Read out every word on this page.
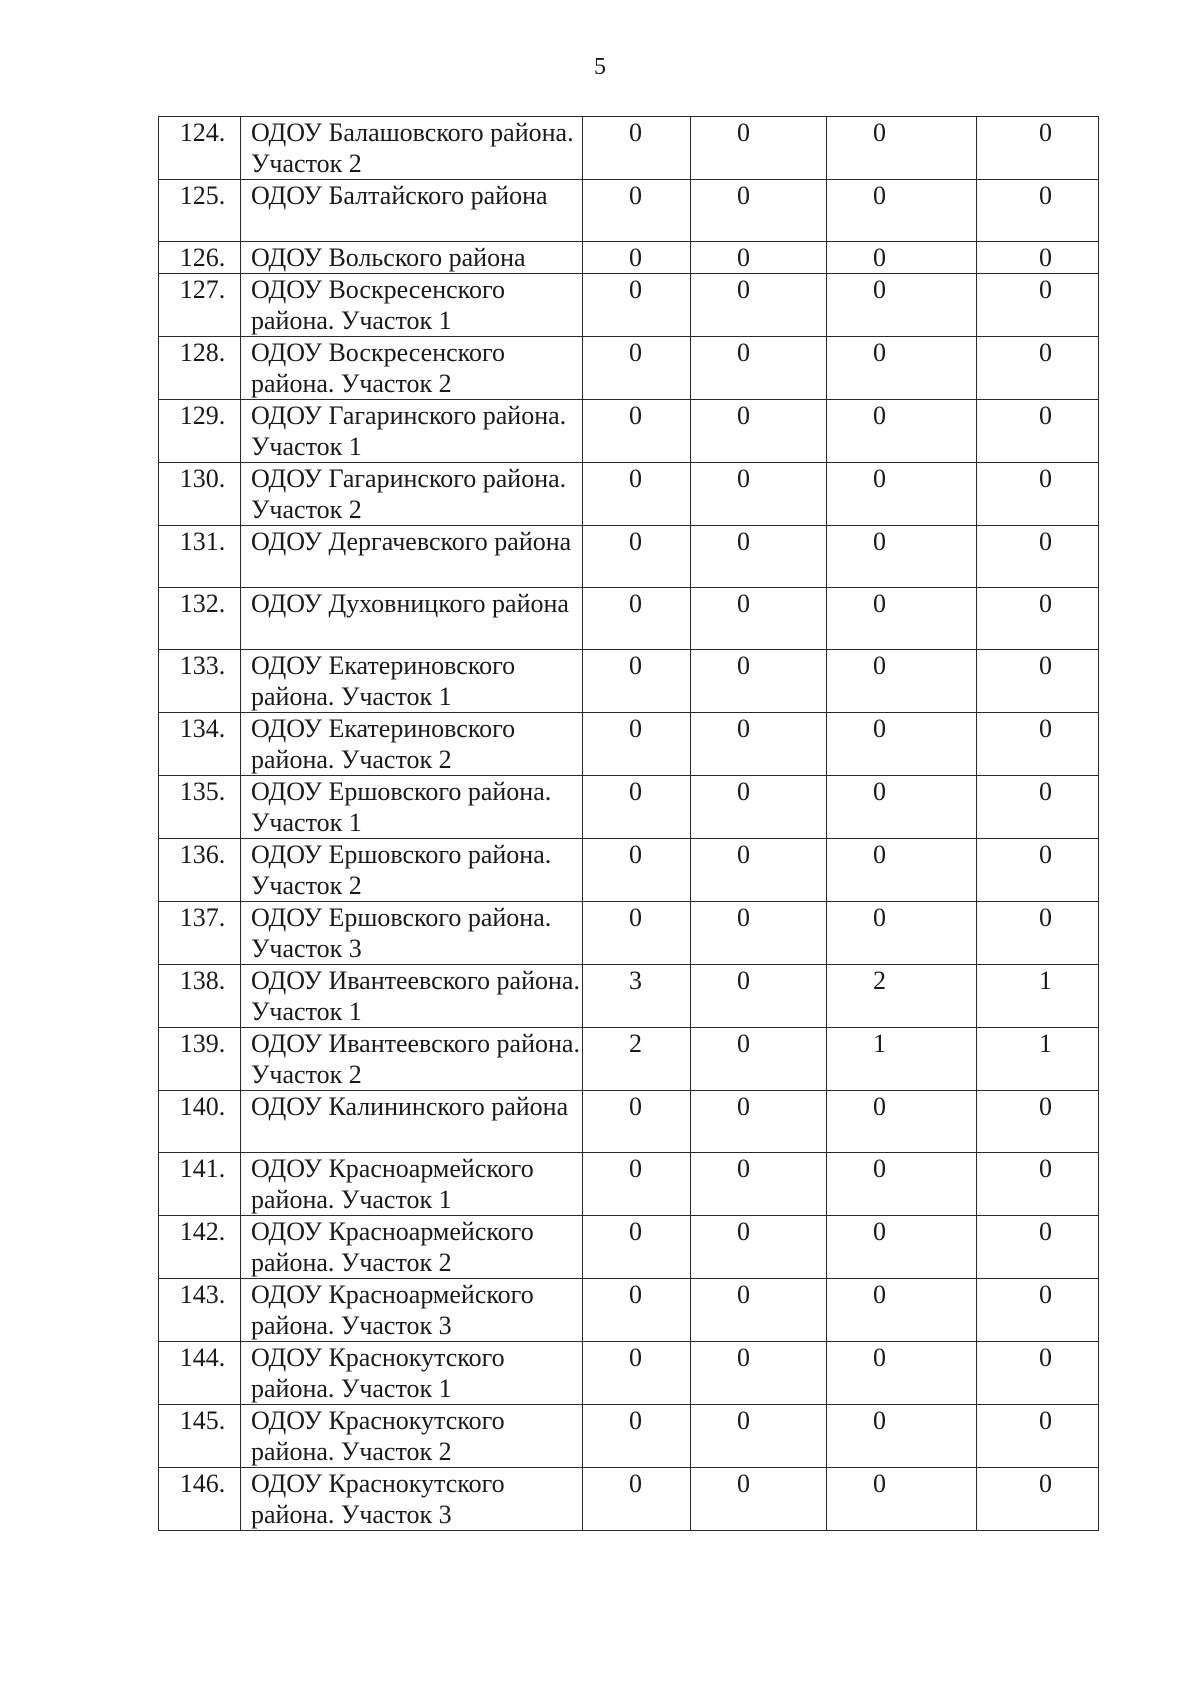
5
124.	ОДОУ Балашовского района. Участок 2	0	0	0	0
125.	ОДОУ Балтайского района	0	0	0	0
126.	ОДОУ Вольского района	0	0	0	0
127.	ОДОУ Воскресенского района. Участок 1	0	0	0	0
128.	ОДОУ Воскресенского района. Участок 2	0	0	0	0
129.	ОДОУ Гагаринского района. Участок 1	0	0	0	0
130.	ОДОУ Гагаринского района. Участок 2	0	0	0	0
131.	ОДОУ Дергачевского района	0	0	0	0
132.	ОДОУ Духовницкого района	0	0	0	0
133.	ОДОУ Екатериновского района. Участок 1	0	0	0	0
134.	ОДОУ Екатериновского района. Участок 2	0	0	0	0
135.	ОДОУ Ершовского района. Участок 1	0	0	0	0
136.	ОДОУ Ершовского района. Участок 2	0	0	0	0
137.	ОДОУ Ершовского района. Участок 3	0	0	0	0
138.	ОДОУ Ивантеевского района. Участок 1	3	0	2	1
139.	ОДОУ Ивантеевского района. Участок 2	2	0	1	1
140.	ОДОУ Калининского района	0	0	0	0
141.	ОДОУ Красноармейского района. Участок 1	0	0	0	0
142.	ОДОУ Красноармейского района. Участок 2	0	0	0	0
143.	ОДОУ Красноармейского района. Участок 3	0	0	0	0
144.	ОДОУ Краснокутского района. Участок 1	0	0	0	0
145.	ОДОУ Краснокутского района. Участок 2	0	0	0	0
146.	ОДОУ Краснокутского района. Участок 3	0	0	0	0
